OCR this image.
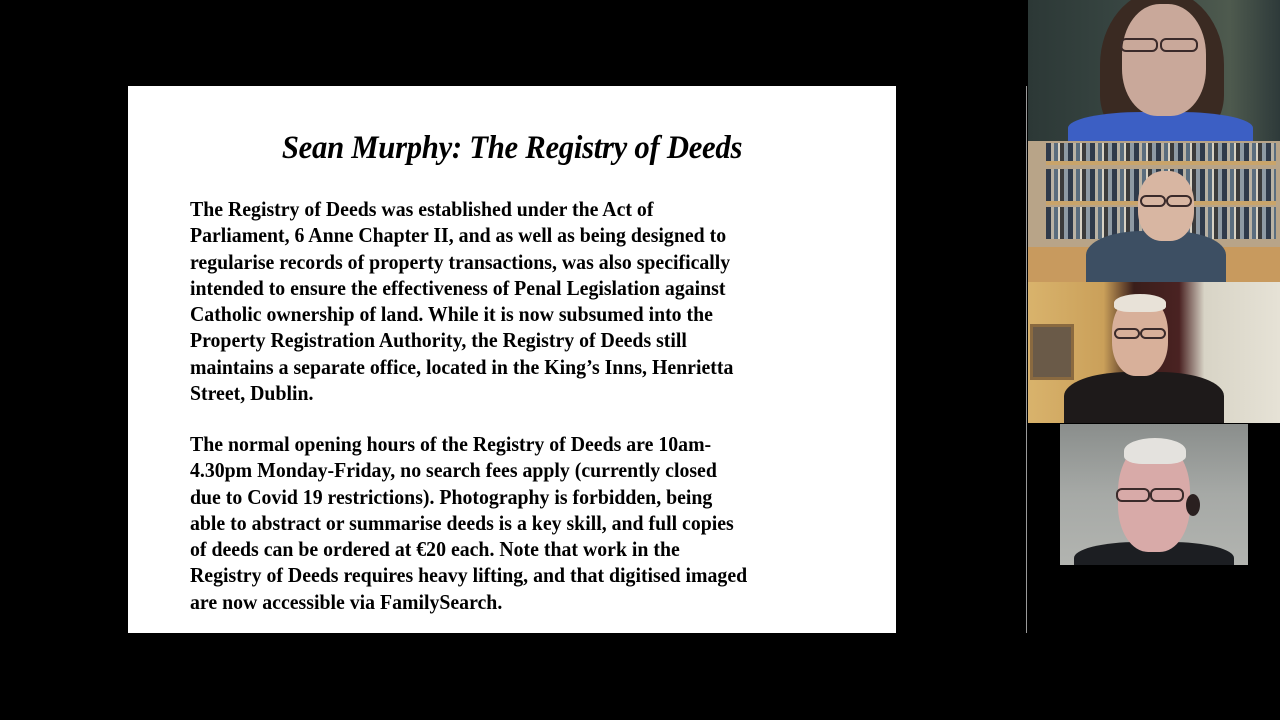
Sean Murphy: The Registry of Deeds
The Registry of Deeds was established under the Act of
Parliament, 6 Anne Chapter II, and as well as being designed to
regularise records of property transactions, was also specifically
intended to ensure the effectiveness of Penal Legislation against
Catholic ownership of land. While it is now subsumed into the
Property Registration Authority, the Registry of Deeds still
maintains a separate office, located in the King’s Inns, Henrietta
Street, Dublin.
The normal opening hours of the Registry of Deeds are 10am-
4.30pm Monday-Friday, no search fees apply (currently closed
due to Covid 19 restrictions). Photography is forbidden, being
able to abstract or summarise deeds is a key skill, and full copies
of deeds can be ordered at €20 each. Note that work in the
Registry of Deeds requires heavy lifting, and that digitised imaged
are now accessible via FamilySearch.
